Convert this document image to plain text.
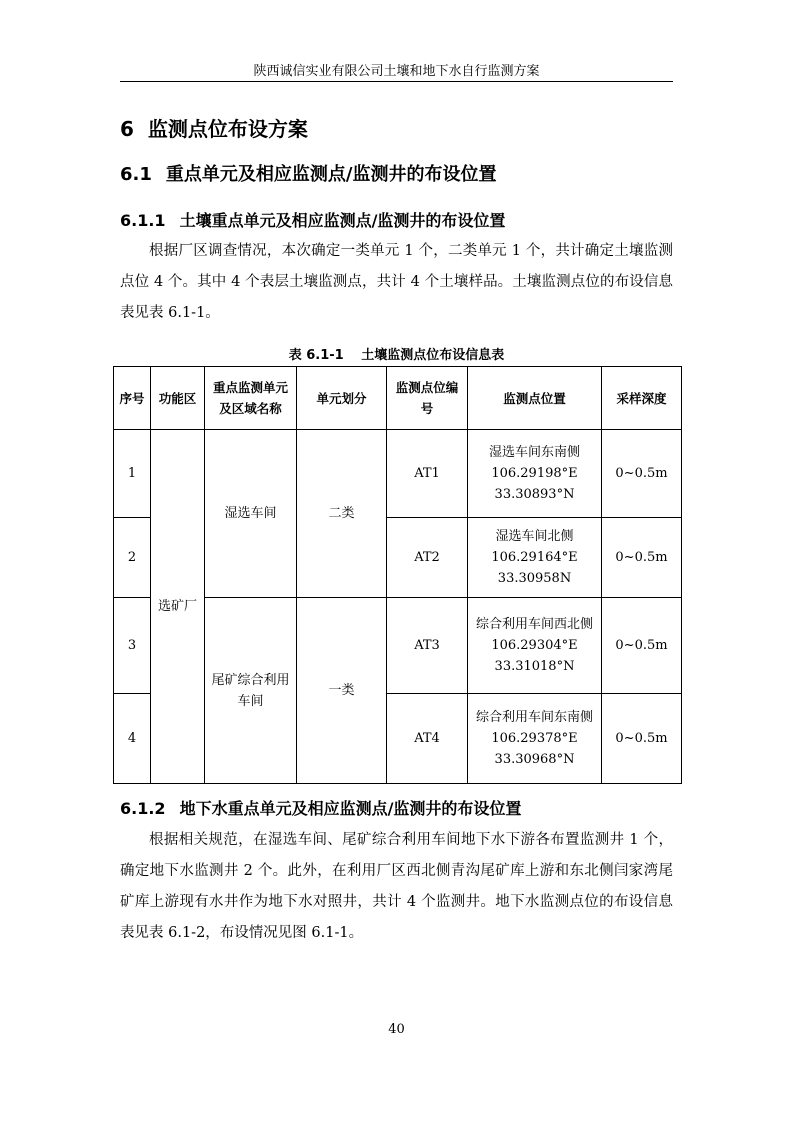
陕西诚信实业有限公司土壤和地下水自行监测方案
6 监测点位布设方案
6.1 重点单元及相应监测点/监测井的布设位置
6.1.1 土壤重点单元及相应监测点/监测井的布设位置

根据厂区调查情况，本次确定一类单元 1 个，二类单元 1 个，共计确定土壤监测点位 4 个。其中 4 个表层土壤监测点，共计 4 个土壤样品。土壤监测点位的布设信息表见表 6.1-1。

表 6.1-1　 土壤监测点位布设信息表
序号	功能区	重点监测单元及区域名称	单元划分	监测点位编号	监测点位置	采样深度
1	选矿厂	湿选车间	二类	AT1	湿选车间东南侧
106.29198°E
33.30893°N	0~0.5m
2				AT2	湿选车间北侧
106.29164°E
33.30958N	0~0.5m
3		尾矿综合利用车间	一类	AT3	综合利用车间西北侧
106.29304°E
33.31018°N	0~0.5m
4				AT4	综合利用车间东南侧
106.29378°E
33.30968°N	0~0.5m
6.1.2 地下水重点单元及相应监测点/监测井的布设位置

根据相关规范，在湿选车间、尾矿综合利用车间地下水下游各布置监测井 1 个，确定地下水监测井 2 个。此外，在利用厂区西北侧青沟尾矿库上游和东北侧闫家湾尾矿库上游现有水井作为地下水对照井，共计 4 个监测井。地下水监测点位的布设信息表见表 6.1-2，布设情况见图 6.1-1。

40
